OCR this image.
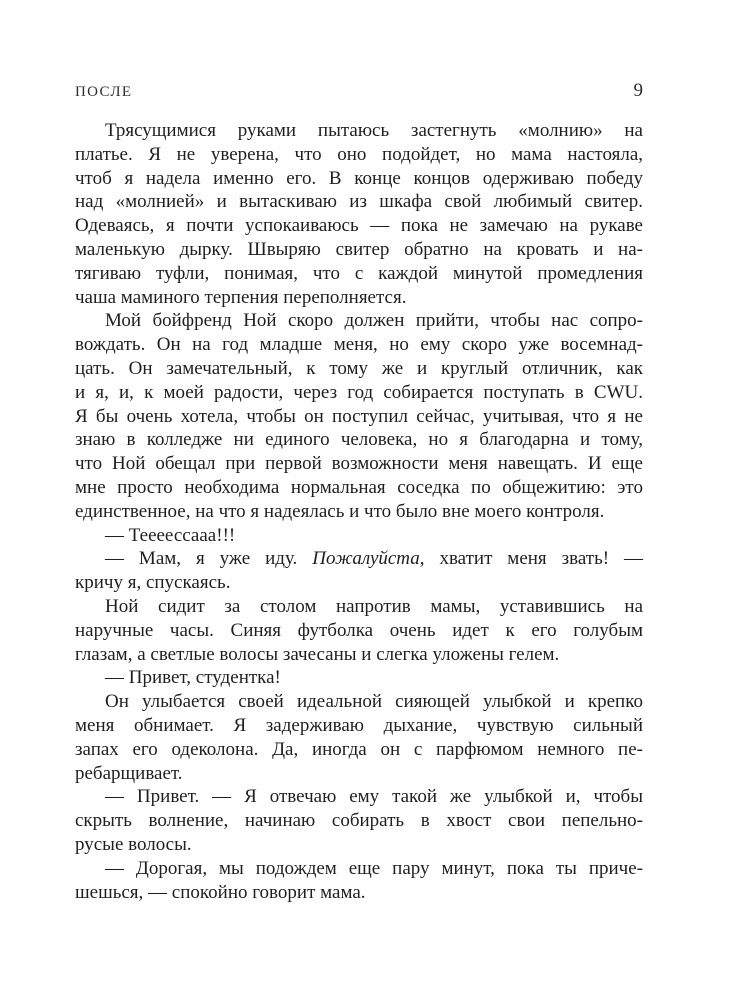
ПОСЛЕ	9

Трясущимися руками пытаюсь застегнуть «молнию» на
платье. Я не уверена, что оно подойдет, но мама настояла,
чтоб я надела именно его. В конце концов одерживаю победу
над «молнией» и вытаскиваю из шкафа свой любимый свитер.
Одеваясь, я почти успокаиваюсь — пока не замечаю на рукаве
маленькую дырку. Швыряю свитер обратно на кровать и на-
тягиваю туфли, понимая, что с каждой минутой промедления
чаша маминого терпения переполняется.

Мой бойфренд Ной скоро должен прийти, чтобы нас сопро-
вождать. Он на год младше меня, но ему скоро уже восемнад-
цать. Он замечательный, к тому же и круглый отличник, как
и я, и, к моей радости, через год собирается поступать в CWU.
Я бы очень хотела, чтобы он поступил сейчас, учитывая, что я не
знаю в колледже ни единого человека, но я благодарна и тому,
что Ной обещал при первой возможности меня навещать. И еще
мне просто необходима нормальная соседка по общежитию: это
единственное, на что я надеялась и что было вне моего контроля.

— Теееессааа!!!

— Мам, я уже иду. Пожалуйста, хватит меня звать! —
кричу я, спускаясь.

Ной сидит за столом напротив мамы, уставившись на
наручные часы. Синяя футболка очень идет к его голубым
глазам, а светлые волосы зачесаны и слегка уложены гелем.

— Привет, студентка!

Он улыбается своей идеальной сияющей улыбкой и крепко
меня обнимает. Я задерживаю дыхание, чувствую сильный
запах его одеколона. Да, иногда он с парфюмом немного пе-
ребарщивает.

— Привет. — Я отвечаю ему такой же улыбкой и, чтобы
скрыть волнение, начинаю собирать в хвост свои пепельно-
русые волосы.

— Дорогая, мы подождем еще пару минут, пока ты приче-
шешься, — спокойно говорит мама.
